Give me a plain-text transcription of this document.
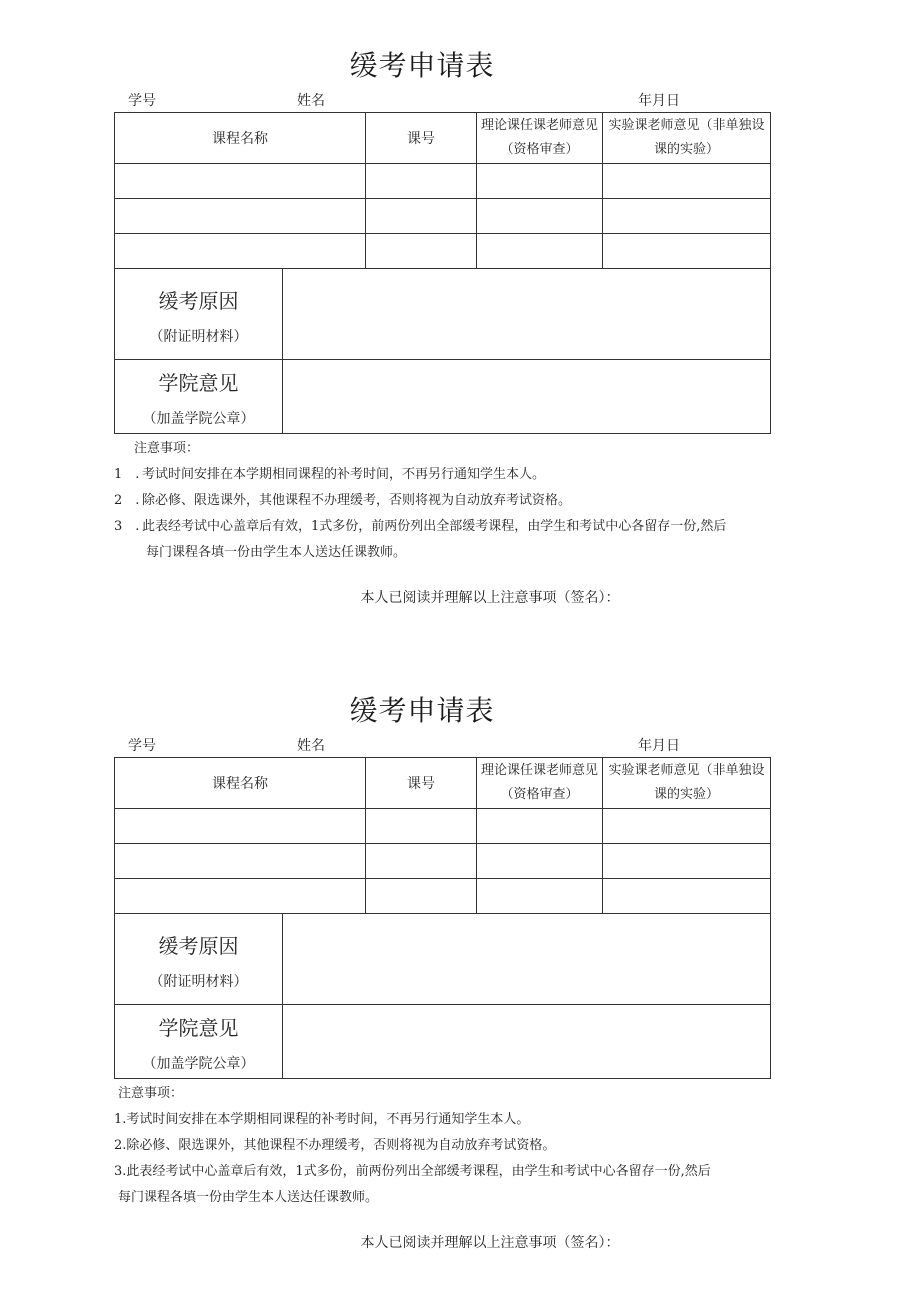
缓考申请表
学号	姓名	年月日
课程名称	课号	理论课任课老师意见（资格审查）	实验课老师意见（非单独设课的实验）

缓考原因
（附证明材料）	

学院意见
（加盖学院公章）	

注意事项：
1　. 考试时间安排在本学期相同课程的补考时间，不再另行通知学生本人。
2　. 除必修、限选课外，其他课程不办理缓考，否则将视为自动放弃考试资格。
3　. 此表经考试中心盖章后有效，1式多份，前两份列出全部缓考课程，由学生和考试中心各留存一份,然后
每门课程各填一份由学生本人送达任课教师。
本人已阅读并理解以上注意事项（签名）：
缓考申请表
学号	姓名	年月日
课程名称	课号	理论课任课老师意见（资格审查）	实验课老师意见（非单独设课的实验）

缓考原因
（附证明材料）	

学院意见
（加盖学院公章）	

注意事项：
1.考试时间安排在本学期相同课程的补考时间，不再另行通知学生本人。
2.除必修、限选课外，其他课程不办理缓考，否则将视为自动放弃考试资格。
3.此表经考试中心盖章后有效，1式多份，前两份列出全部缓考课程，由学生和考试中心各留存一份,然后
每门课程各填一份由学生本人送达任课教师。
本人已阅读并理解以上注意事项（签名）：
